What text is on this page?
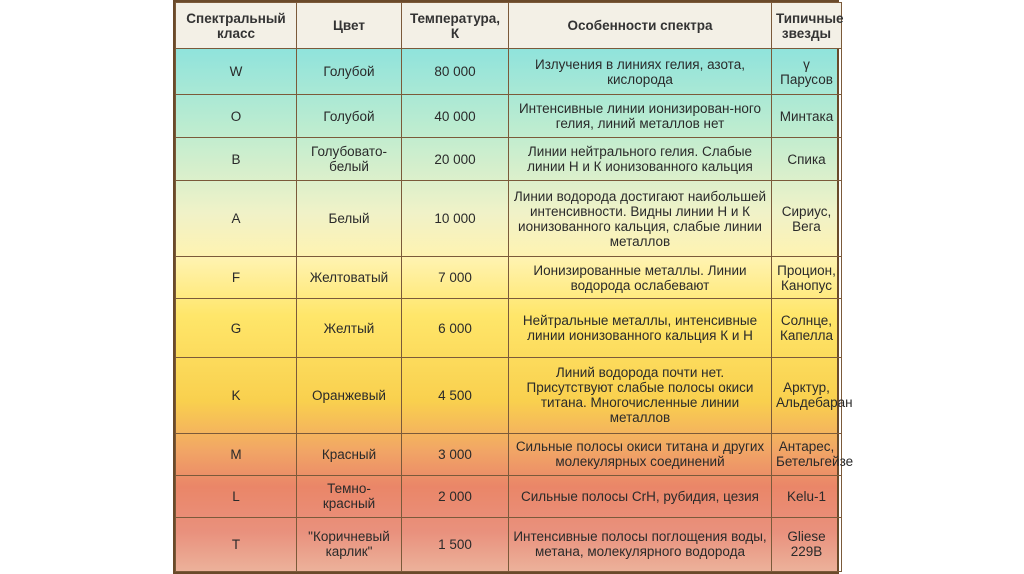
Спектральный класс	Цвет	Температура, К	Особенности спектра	Типичные звезды
W	Голубой	80 000	Излучения в линиях гелия, азота, кислорода	γ Парусов
O	Голубой	40 000	Интенсивные линии ионизирован-ного гелия, линий металлов нет	Минтака
B	Голубовато-белый	20 000	Линии нейтрального гелия. Слабые линии Н и К ионизованного кальция	Спика
A	Белый	10 000	Линии водорода достигают наибольшей интенсивности. Видны линии Н и К ионизованного кальция, слабые линии металлов	Сириус, Вега
F	Желтоватый	7 000	Ионизированные металлы. Линии водорода ослабевают	Процион, Канопус
G	Желтый	6 000	Нейтральные металлы, интенсивные линии ионизованного кальция К и Н	Солнце, Капелла
K	Оранжевый	4 500	Линий водорода почти нет. Присутствуют слабые полосы окиси титана. Многочисленные линии металлов	Арктур, Альдебаран
M	Красный	3 000	Сильные полосы окиси титана и других молекулярных соединений	Антарес, Бетельгейзе
L	Темно-красный	2 000	Сильные полосы CrH, рубидия, цезия	Kelu-1
T	"Коричневый карлик"	1 500	Интенсивные полосы поглощения воды, метана, молекулярного водорода	Gliese 229B
